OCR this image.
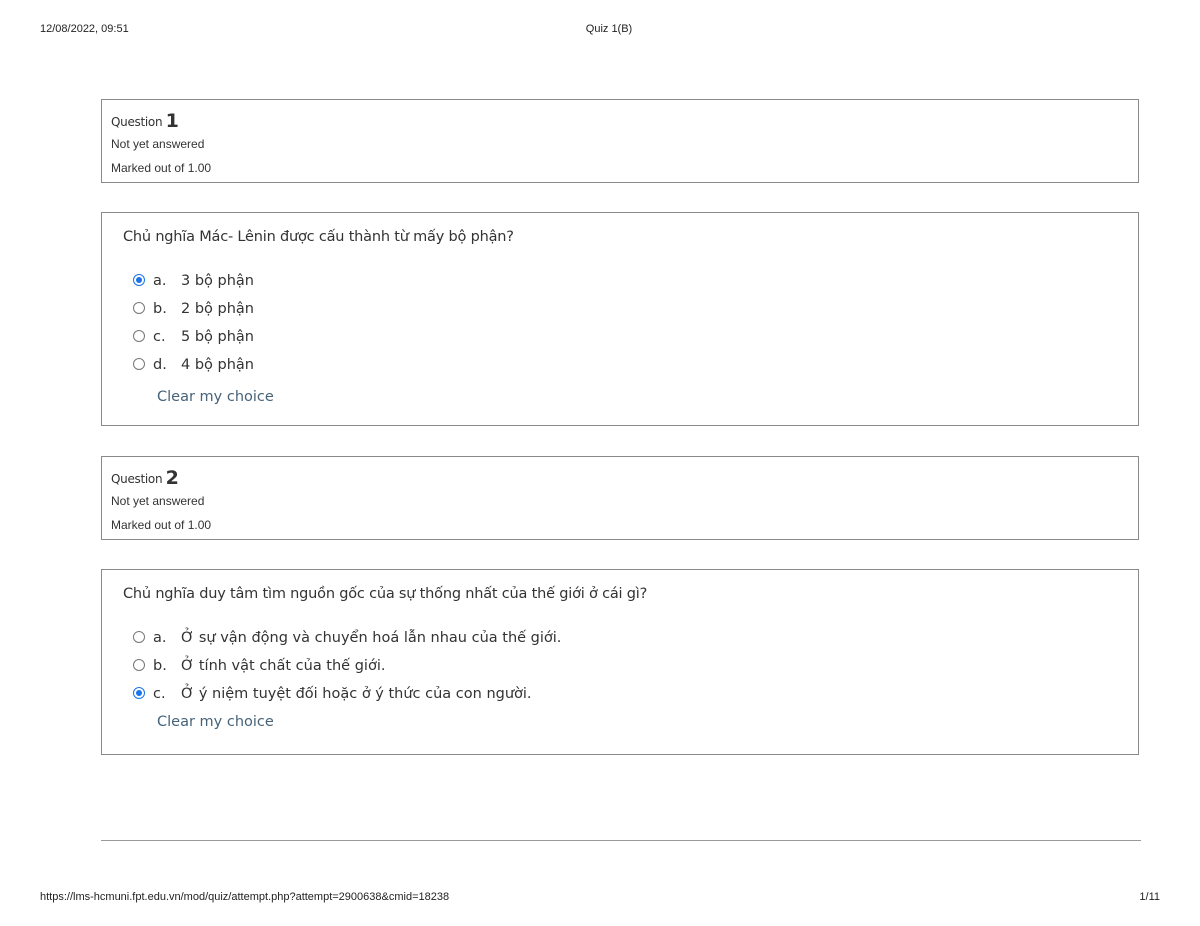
12/08/2022, 09:51	Quiz 1(B)
Question 1
Not yet answered
Marked out of 1.00
Chủ nghĩa Mác- Lênin được cấu thành từ mấy bộ phận?
a. 3 bộ phận
b. 2 bộ phận
c. 5 bộ phận
d. 4 bộ phận
Clear my choice
Question 2
Not yet answered
Marked out of 1.00
Chủ nghĩa duy tâm tìm nguồn gốc của sự thống nhất của thế giới ở cái gì?
a. Ở sự vận động và chuyển hoá lẫn nhau của thế giới.
b. Ở tính vật chất của thế giới.
c. Ở ý niệm tuyệt đối hoặc ở ý thức của con người.
Clear my choice
https://lms-hcmuni.fpt.edu.vn/mod/quiz/attempt.php?attempt=2900638&cmid=18238	1/11
